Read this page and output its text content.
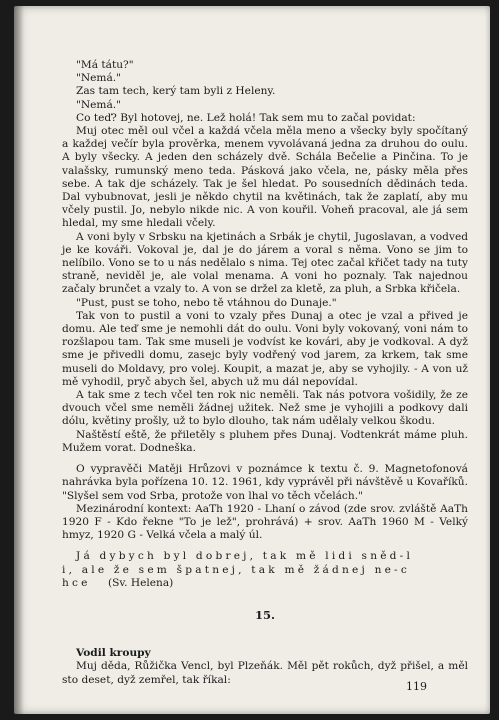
"Má tátu?"

"Nemá."

Zas tam tech, kerý tam byli z Heleny.

"Nemá."

Co teď? Byl hotovej, ne. Lež holá! Tak sem mu to začal povidat:

Muj otec měl oul včel a každá včela měla meno a všecky byly spočítaný a každej večír byla prověrka, menem vyvolávaná jedna za druhou do oulu. A byly všecky. A jeden den scházely dvě. Schála Bečelie a Pinčina. To je valašsky, rumunský meno teda. Pásková jako včela, ne, pásky měla přes sebe. A tak dje scházely. Tak je šel hledat. Po sousedních dědinách teda. Dal vybubnovat, jesli je někdo chytil na květinách, tak že zaplatí, aby mu včely pustil. Jo, nebylo nikde nic. A von kouřil. Voheň pracoval, ale já sem hledal, my sme hledali včely.

A voni byly v Srbsku na kjetinách a Srbák je chytil, Jugoslavan, a vodved je ke kováři. Vokoval je, dal je do járem a voral s něma. Vono se jim to nelíbilo. Vono se to u nás nedělalo s nima. Tej otec začal křičet tady na tuty straně, neviděl je, ale volal menama. A voni ho poznaly. Tak najednou začaly brunčet a vzaly to. A von se držel za kletě, za pluh, a Srbka křičela.

"Pust, pust se toho, nebo tě vtáhnou do Dunaje."

Tak von to pustil a voni to vzaly přes Dunaj a otec je vzal a přived je domu. Ale teď sme je nemohli dát do oulu. Voni byly vokovaný, voni nám to rozšlapou tam. Tak sme museli je vodvíst ke kovári, aby je vodkoval. A dyž sme je přivedli domu, zasejc byly vodřený vod jarem, za krkem, tak sme museli do Moldavy, pro volej. Koupit, a mazat je, aby se vyhojily. - A von už mě vyhodil, pryč abych šel, abych už mu dál nepovídal.

A tak sme z tech včel ten rok nic neměli. Tak nás potvora vošidily, že ze dvouch včel sme neměli žádnej užitek. Než sme je vyhojili a podkovy dali dólu, květiny prošly, už to bylo dlouho, tak nám udělaly velkou škodu.

Naštěstí eště, že přiletěly s pluhem přes Dunaj. Vodtenkrát máme pluh. Mužem vorat. Dodneška.

O vypravěči Matěji Hrůzovi v poznámce k textu č. 9. Magnetofonová nahrávka byla pořízena 10. 12. 1961, kdy vyprávěl při návštěvě u Kovaříků. "Slyšel sem vod Srba, protože von lhal vo těch včelách."

Mezinárodní kontext: AaTh 1920 - Lhaní o závod (zde srov. zvláště AaTh 1920 F - Kdo řekne "To je lež", prohrává) + srov. AaTh 1960 M - Velký hmyz, 1920 G - Velká včela a malý úl.

Já dybych byl dobrej, tak mě lidi sněd-l

i, ale že sem špatnej, tak mě žádnej ne-c

hce (Sv. Helena)

15.

Vodil kroupy

Muj děda, Růžička Vencl, byl Plzeňák. Měl pět rokůch, dyž přišel, a měl sto deset, dyž zemřel, tak říkal:

119
